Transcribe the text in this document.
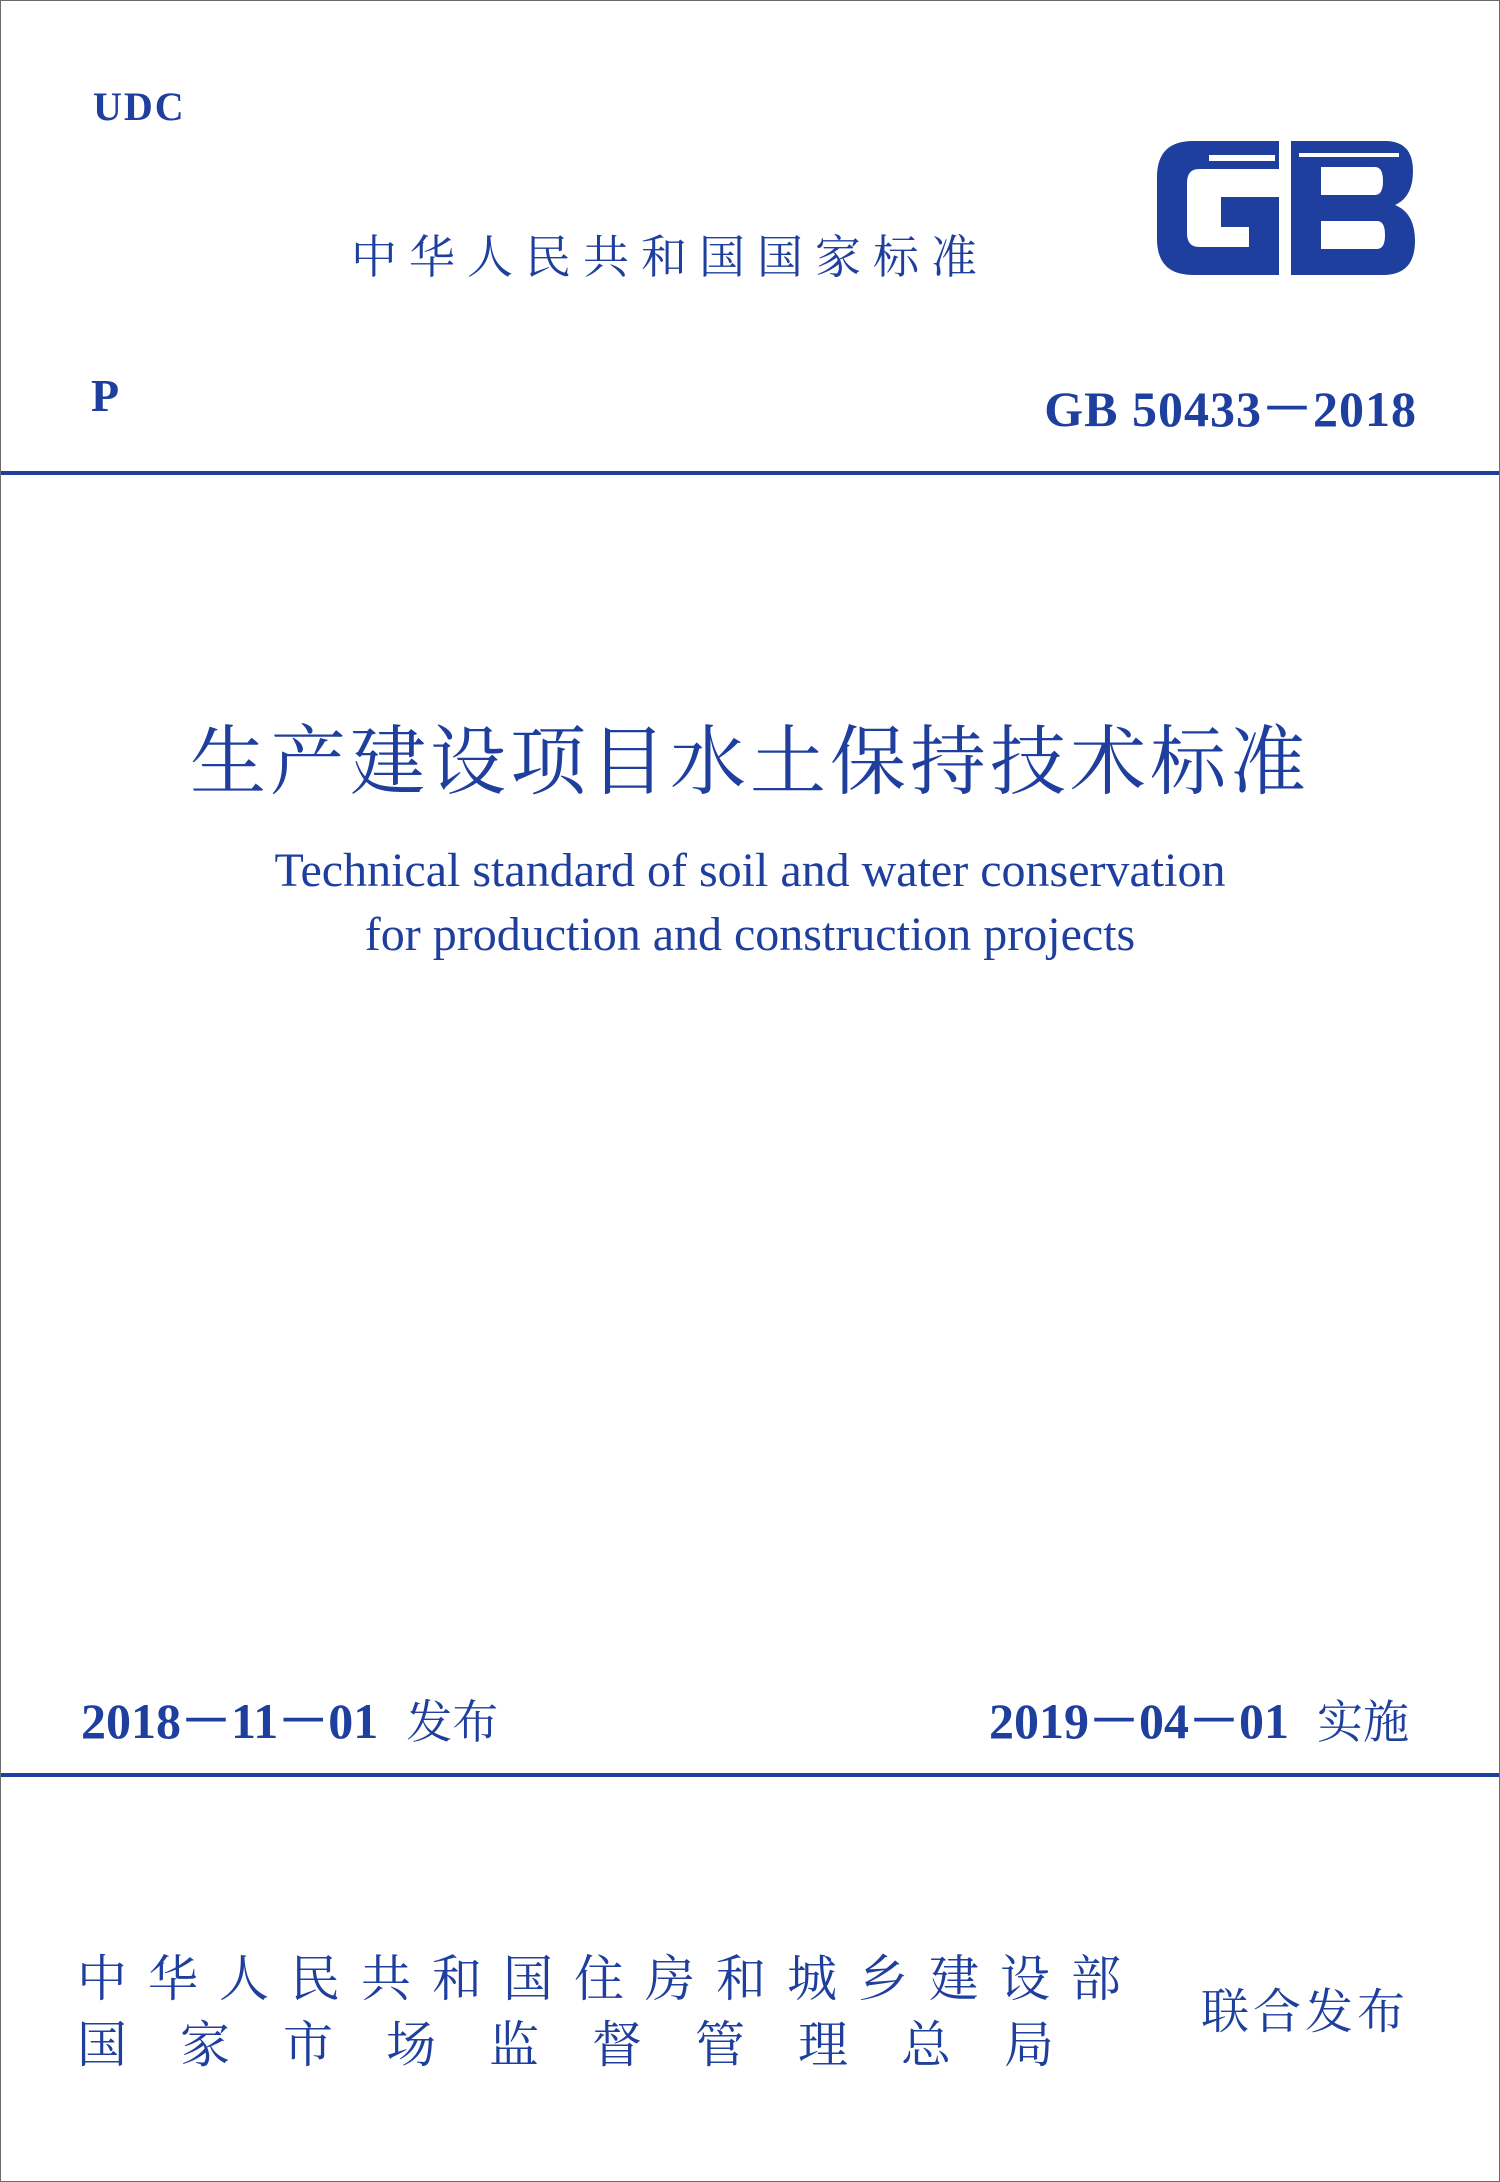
UDC
中华人民共和国国家标准
GB
P	GB 50433－2018
生产建设项目水土保持技术标准
Technical standard of soil and water conservation
for production and construction projects
2018－11－01 发布	2019－04－01 实施
中华人民共和国住房和城乡建设部
国家市场监督管理总局
联合发布
